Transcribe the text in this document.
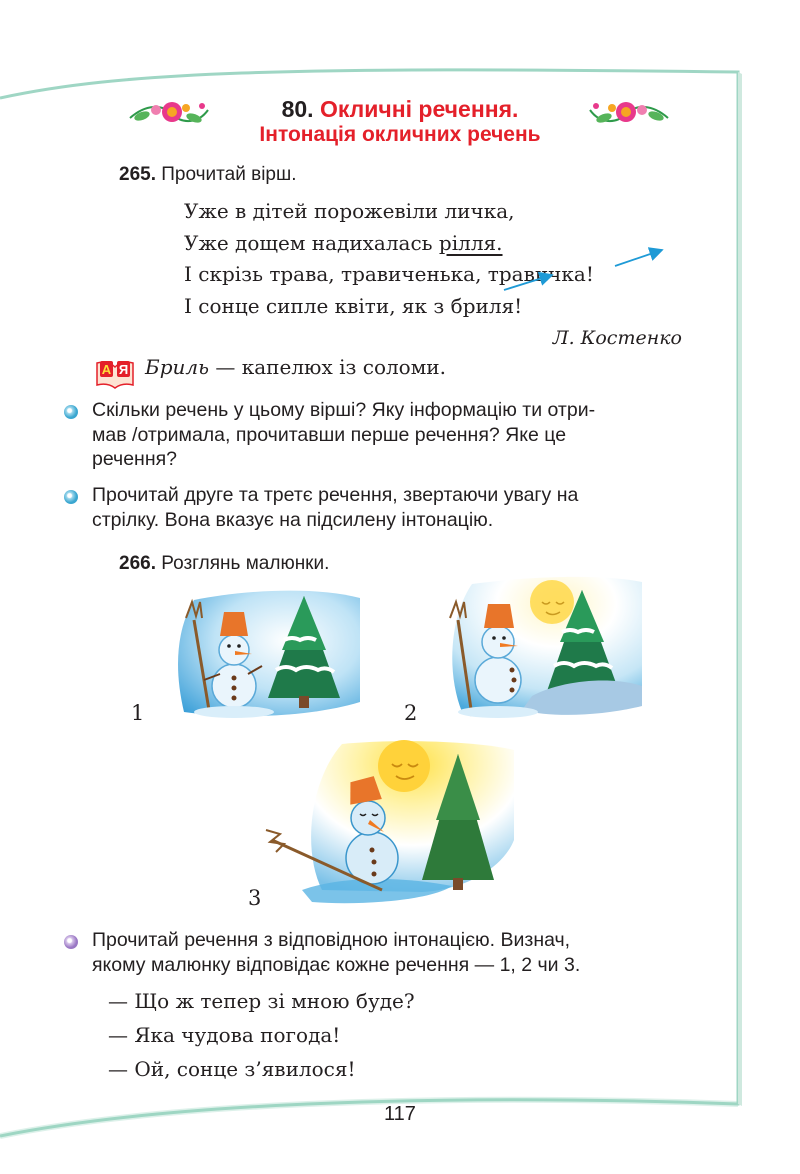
80. Окличні речення.
Інтонація окличних речень
265. Прочитай вірш.
Уже в дітей порожевіли личка,
Уже дощем надихалась рілля.
І скрізь трава, травиченька, травичка!
І сонце сипле квіти, як з бриля!
Л. Костенко
А Я Бриль — капелюх із соломи.
Скільки речень у цьому вірші? Яку інформацію ти отри-
мав /отримала, прочитавши перше речення? Яке це
речення?
Прочитай друге та третє речення, звертаючи увагу на
стрілку. Вона вказує на підсилену інтонацію.
266. Розглянь малюнки.
1	2
3
Прочитай речення з відповідною інтонацією. Визнач,
якому малюнку відповідає кожне речення — 1, 2 чи 3.
— Що ж тепер зі мною буде?
— Яка чудова погода!
— Ой, сонце з’явилося!
117
